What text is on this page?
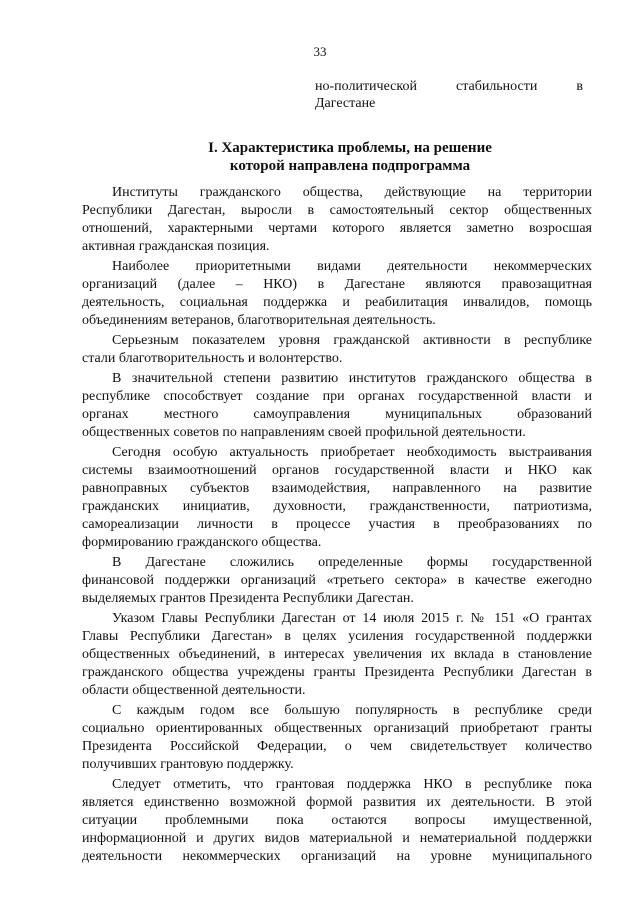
33
но-политической стабильности в
Дагестане
I. Характеристика проблемы, на решение
которой направлена подпрограмма
Институты гражданского общества, действующие на территории
Республики Дагестан, выросли в самостоятельный сектор общественных
отношений, характерными чертами которого является заметно возросшая
активная гражданская позиция.
Наиболее приоритетными видами деятельности некоммерческих
организаций (далее – НКО) в Дагестане являются правозащитная
деятельность, социальная поддержка и реабилитация инвалидов, помощь
объединениям ветеранов, благотворительная деятельность.
Серьезным показателем уровня гражданской активности в республике
стали благотворительность и волонтерство.
В значительной степени развитию институтов гражданского общества в
республике способствует создание при органах государственной власти и
органах местного самоуправления муниципальных образований
общественных советов по направлениям своей профильной деятельности.
Сегодня особую актуальность приобретает необходимость выстраивания
системы взаимоотношений органов государственной власти и НКО как
равноправных субъектов взаимодействия, направленного на развитие
гражданских инициатив, духовности, гражданственности, патриотизма,
самореализации личности в процессе участия в преобразованиях по
формированию гражданского общества.
В Дагестане сложились определенные формы государственной
финансовой поддержки организаций «третьего сектора» в качестве ежегодно
выделяемых грантов Президента Республики Дагестан.
Указом Главы Республики Дагестан от 14 июля 2015 г. № 151 «О грантах
Главы Республики Дагестан» в целях усиления государственной поддержки
общественных объединений, в интересах увеличения их вклада в становление
гражданского общества учреждены гранты Президента Республики Дагестан в
области общественной деятельности.
С каждым годом все большую популярность в республике среди
социально ориентированных общественных организаций приобретают гранты
Президента Российской Федерации, о чем свидетельствует количество
получивших грантовую поддержку.
Следует отметить, что грантовая поддержка НКО в республике пока
является единственно возможной формой развития их деятельности. В этой
ситуации проблемными пока остаются вопросы имущественной,
информационной и других видов материальной и нематериальной поддержки
деятельности некоммерческих организаций на уровне муниципального
